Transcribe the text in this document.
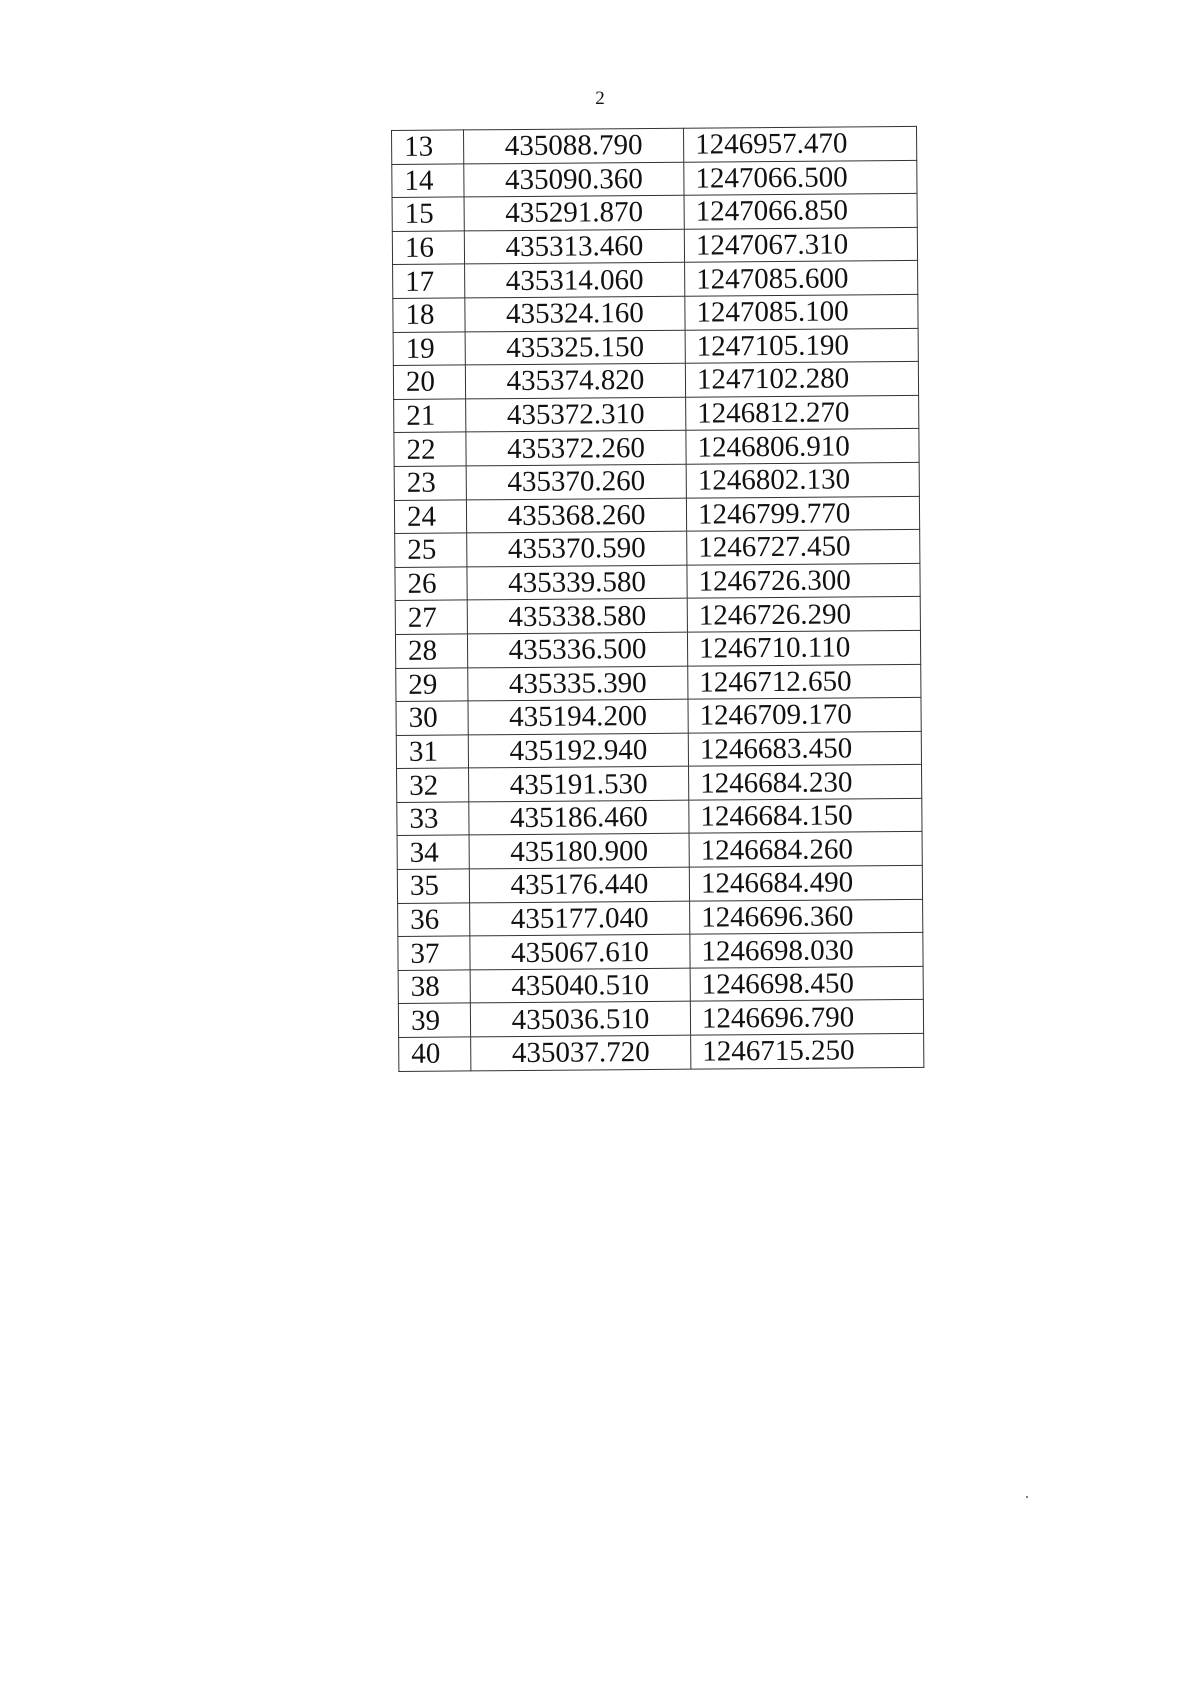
2
13	435088.790	1246957.470
14	435090.360	1247066.500
15	435291.870	1247066.850
16	435313.460	1247067.310
17	435314.060	1247085.600
18	435324.160	1247085.100
19	435325.150	1247105.190
20	435374.820	1247102.280
21	435372.310	1246812.270
22	435372.260	1246806.910
23	435370.260	1246802.130
24	435368.260	1246799.770
25	435370.590	1246727.450
26	435339.580	1246726.300
27	435338.580	1246726.290
28	435336.500	1246710.110
29	435335.390	1246712.650
30	435194.200	1246709.170
31	435192.940	1246683.450
32	435191.530	1246684.230
33	435186.460	1246684.150
34	435180.900	1246684.260
35	435176.440	1246684.490
36	435177.040	1246696.360
37	435067.610	1246698.030
38	435040.510	1246698.450
39	435036.510	1246696.790
40	435037.720	1246715.250
